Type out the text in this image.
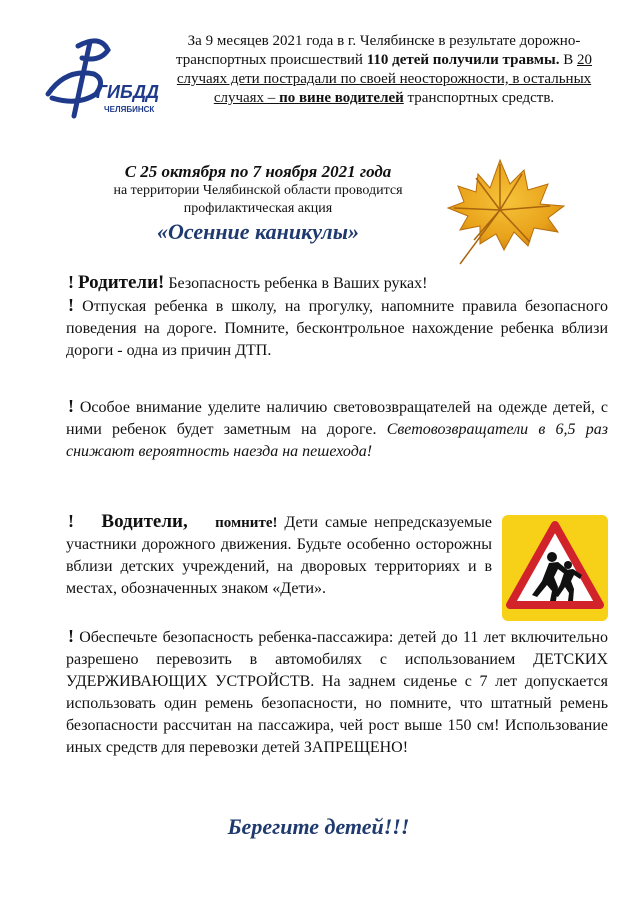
ГИБДД
ЧЕЛЯБИНСК
За 9 месяцев 2021 года в г. Челябинске в результате дорожно-транспортных происшествий 110 детей получили травмы. В 20 случаях дети пострадали по своей неосторожности, в остальных случаях – по вине водителей транспортных средств.
С 25 октября по 7 ноября 2021 года
на территории Челябинской области проводится
профилактическая акция
«Осенние каникулы»
! Родители! Безопасность ребенка в Ваших руках!
! Отпуская ребенка в школу, на прогулку, напомните правила безопасного поведения на дороге. Помните, бесконтрольное нахождение ребенка вблизи дороги - одна из причин ДТП.
! Особое внимание уделите наличию световозвращателей на одежде детей, с ними ребенок будет заметным на дороге. Световозвращатели в 6,5 раз снижают вероятность наезда на пешехода!
! Водители, помните! Дети самые непредсказуемые участники дорожного движения. Будьте особенно осторожны вблизи детских учреждений, на дворовых территориях и в местах, обозначенных знаком «Дети».
! Обеспечьте безопасность ребенка-пассажира: детей до 11 лет включительно разрешено перевозить в автомобилях с использованием ДЕТСКИХ УДЕРЖИВАЮЩИХ УСТРОЙСТВ. На заднем сиденье с 7 лет допускается использовать один ремень безопасности, но помните, что штатный ремень безопасности рассчитан на пассажира, чей рост выше 150 см! Использование иных средств для перевозки детей ЗАПРЕЩЕНО!
Берегите детей!!!
